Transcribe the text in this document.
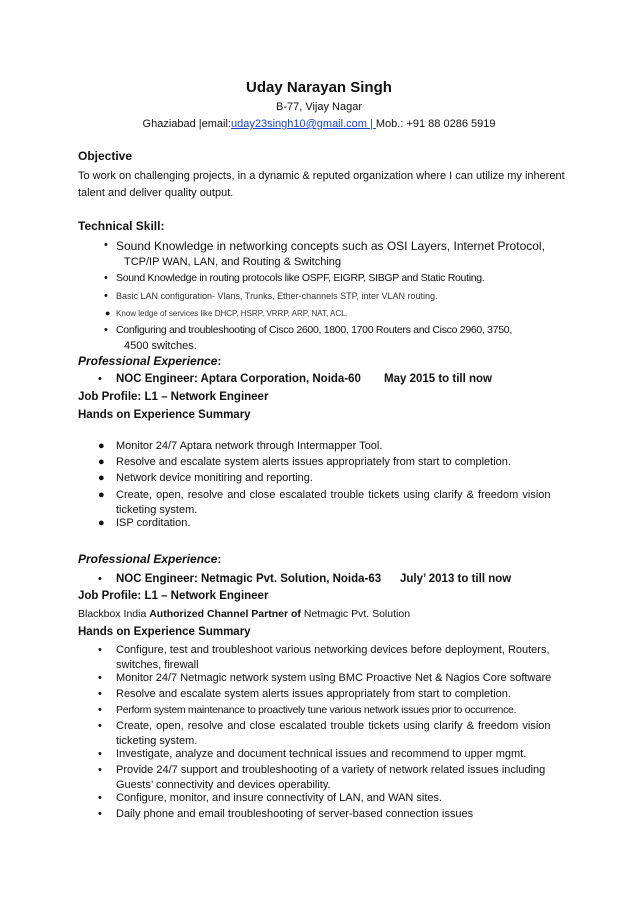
Uday Narayan Singh
B-77, Vijay Nagar
Ghaziabad |email:uday23singh10@gmail.com | Mob.: +91 88 0286 5919
Objective
To work on challenging projects, in a dynamic & reputed organization where I can utilize my inherent
talent and deliver quality output.
Technical Skill:
• Sound Knowledge in networking concepts such as OSI Layers, Internet Protocol,
TCP/IP WAN, LAN, and Routing & Switching
• Sound Knowledge in routing protocols like OSPF, EIGRP, SIBGP and Static Routing.
• Basic LAN configuration- Vlans, Trunks, Ether-channels STP, inter VLAN routing.
● Know ledge of services like DHCP, HSRP, VRRP, ARP, NAT, ACL.
• Configuring and troubleshooting of Cisco 2600, 1800, 1700 Routers and Cisco 2960, 3750,
4500 switches.
Professional Experience:
• NOC Engineer: Aptara Corporation, Noida-60 May 2015 to till now
Job Profile: L1 – Network Engineer
Hands on Experience Summary
● Monitor 24/7 Aptara network through Intermapper Tool.
● Resolve and escalate system alerts issues appropriately from start to completion.
● Network device monitiring and reporting.
● Create, open, resolve and close escalated trouble tickets using clarify & freedom vision
ticketing system.
● ISP corditation.
Professional Experience:
• NOC Engineer: Netmagic Pvt. Solution, Noida-63 July’ 2013 to till now
Job Profile: L1 – Network Engineer
Blackbox India Authorized Channel Partner of Netmagic Pvt. Solution
Hands on Experience Summary
• Configure, test and troubleshoot various networking devices before deployment, Routers,
switches, firewall
• Monitor 24/7 Netmagic network system using BMC Proactive Net & Nagios Core software
• Resolve and escalate system alerts issues appropriately from start to completion.
• Perform system maintenance to proactively tune various network issues prior to occurrence.
• Create, open, resolve and close escalated trouble tickets using clarify & freedom vision
ticketing system.
• Investigate, analyze and document technical issues and recommend to upper mgmt.
• Provide 24/7 support and troubleshooting of a variety of network related issues including
Guests’ connectivity and devices operability.
• Configure, monitor, and insure connectivity of LAN, and WAN sites.
• Daily phone and email troubleshooting of server-based connection issues
